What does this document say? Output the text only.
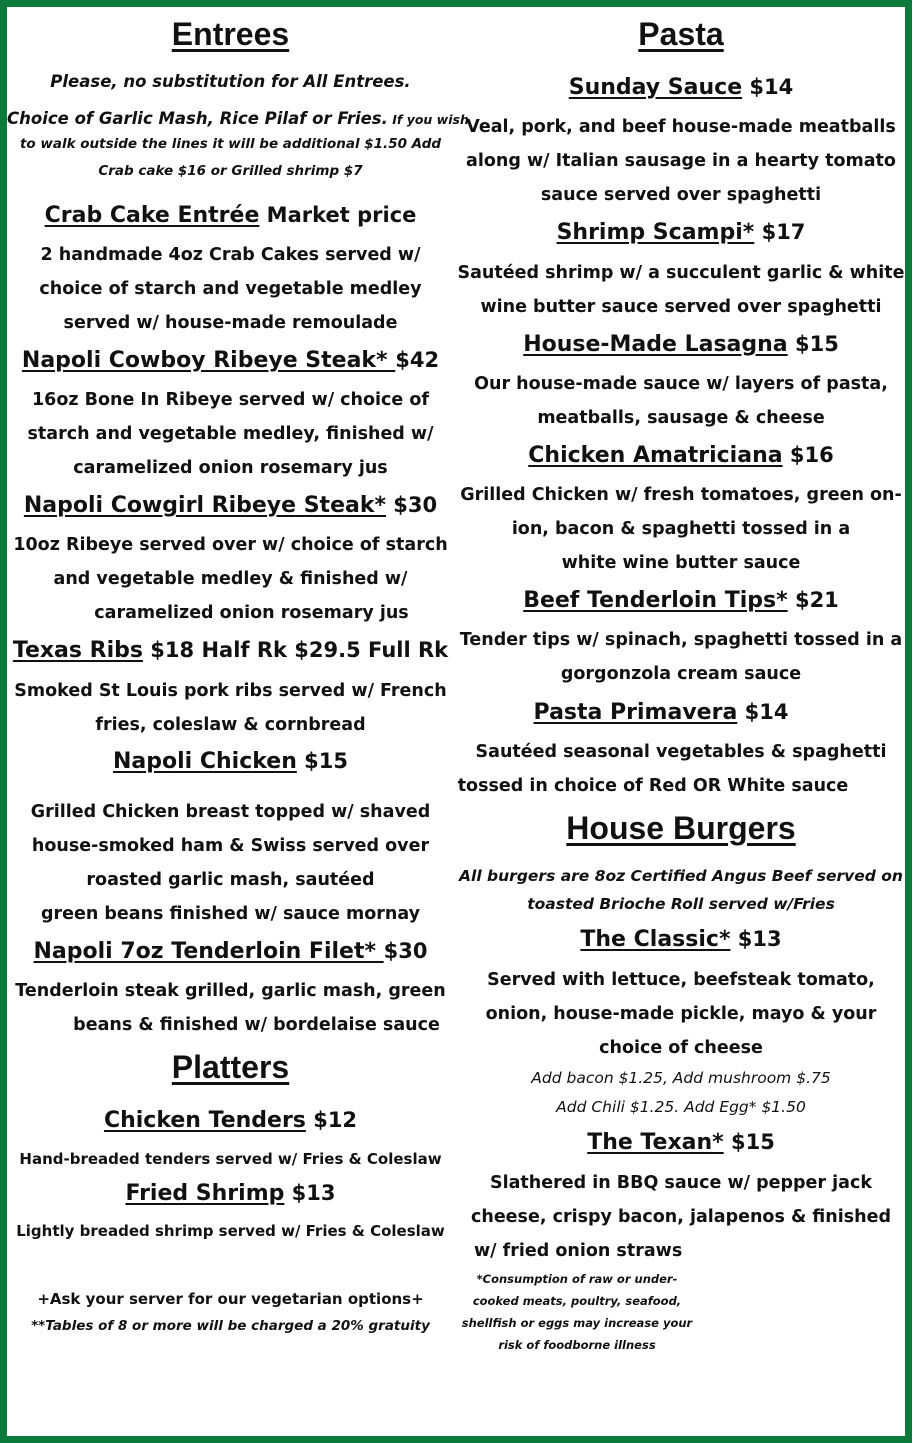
Entrees
Please, no substitution for All Entrees.
Choice of Garlic Mash, Rice Pilaf or Fries. If you wish
to walk outside the lines it will be additional $1.50 Add
Crab cake $16 or Grilled shrimp $7
Crab Cake Entrée Market price
2 handmade 4oz Crab Cakes served w/
choice of starch and vegetable medley
served w/ house-made remoulade
Napoli Cowboy Ribeye Steak* $42
16oz Bone In Ribeye served w/ choice of
starch and vegetable medley, finished w/
caramelized onion rosemary jus
Napoli Cowgirl Ribeye Steak* $30
10oz Ribeye served over w/ choice of starch
and vegetable medley & finished w/
caramelized onion rosemary jus
Texas Ribs $18 Half Rk $29.5 Full Rk
Smoked St Louis pork ribs served w/ French
fries, coleslaw & cornbread
Napoli Chicken $15
Grilled Chicken breast topped w/ shaved
house-smoked ham & Swiss served over
roasted garlic mash, sautéed
green beans finished w/ sauce mornay
Napoli 7oz Tenderloin Filet* $30
Tenderloin steak grilled, garlic mash, green
beans & finished w/ bordelaise sauce
Platters
Chicken Tenders $12
Hand-breaded tenders served w/ Fries & Coleslaw
Fried Shrimp $13
Lightly breaded shrimp served w/ Fries & Coleslaw
+Ask your server for our vegetarian options+
**Tables of 8 or more will be charged a 20% gratuity
Pasta
Sunday Sauce $14
Veal, pork, and beef house-made meatballs
along w/ Italian sausage in a hearty tomato
sauce served over spaghetti
Shrimp Scampi* $17
Sautéed shrimp w/ a succulent garlic & white
wine butter sauce served over spaghetti
House-Made Lasagna $15
Our house-made sauce w/ layers of pasta,
meatballs, sausage & cheese
Chicken Amatriciana $16
Grilled Chicken w/ fresh tomatoes, green on-
ion, bacon & spaghetti tossed in a
white wine butter sauce
Beef Tenderloin Tips* $21
Tender tips w/ spinach, spaghetti tossed in a
gorgonzola cream sauce
Pasta Primavera $14
Sautéed seasonal vegetables & spaghetti
tossed in choice of Red OR White sauce
House Burgers
All burgers are 8oz Certified Angus Beef served on
toasted Brioche Roll served w/Fries
The Classic* $13
Served with lettuce, beefsteak tomato,
onion, house-made pickle, mayo & your
choice of cheese
Add bacon $1.25, Add mushroom $.75
Add Chili $1.25. Add Egg* $1.50
The Texan* $15
Slathered in BBQ sauce w/ pepper jack
cheese, crispy bacon, jalapenos & finished
w/ fried onion straws
*Consumption of raw or under-
cooked meats, poultry, seafood,
shellfish or eggs may increase your
risk of foodborne illness
